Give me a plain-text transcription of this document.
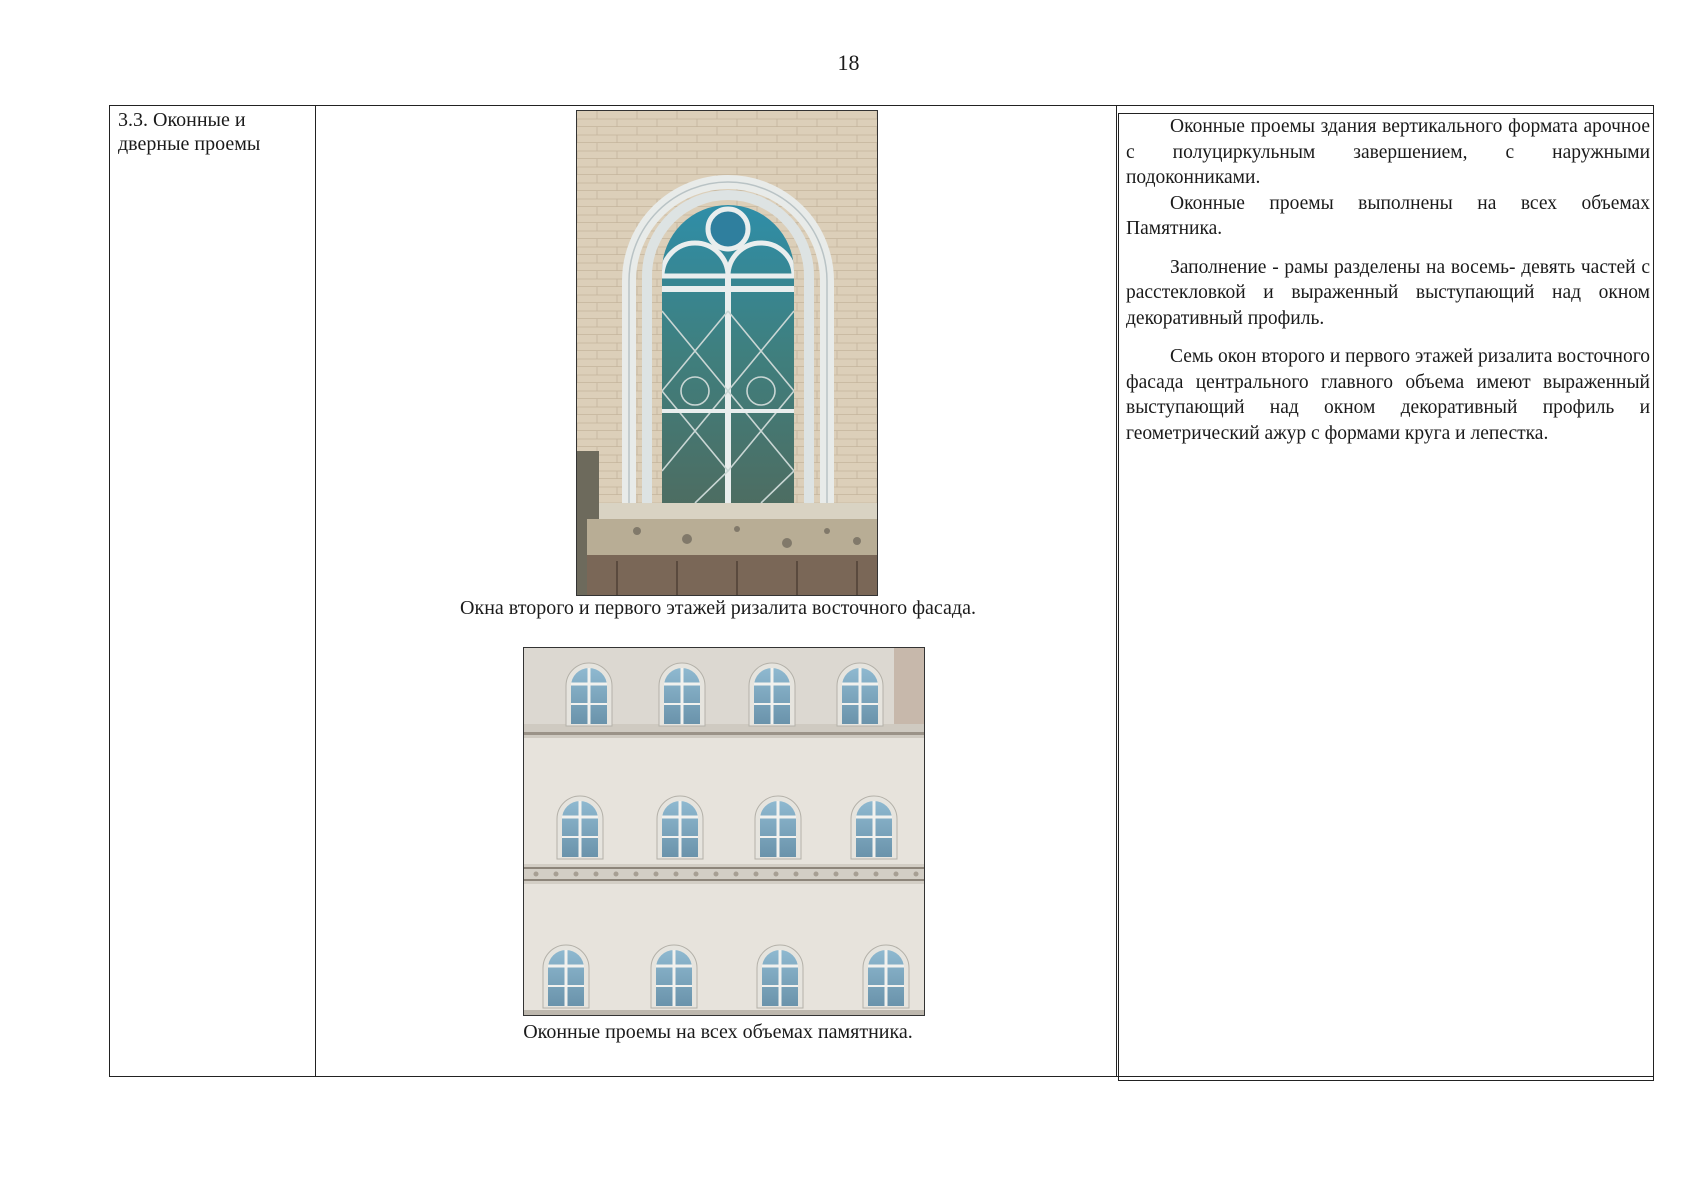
18
3.3. Оконные и дверные проемы
Окна второго и первого этажей ризалита восточного фасада.
Оконные проемы на всех объемах памятника.

Оконные проемы здания вертикального формата арочное с полуциркульным завершением, с наружными подоконниками.

Оконные проемы выполнены на всех объемах Памятника.

Заполнение - рамы разделены на восемь- девять частей с расстекловкой и выраженный выступающий над окном декоративный профиль.

Семь окон второго и первого этажей ризалита восточного фасада центрального главного объема имеют выраженный выступающий над окном декоративный профиль и геометрический ажур с формами круга и лепестка.
